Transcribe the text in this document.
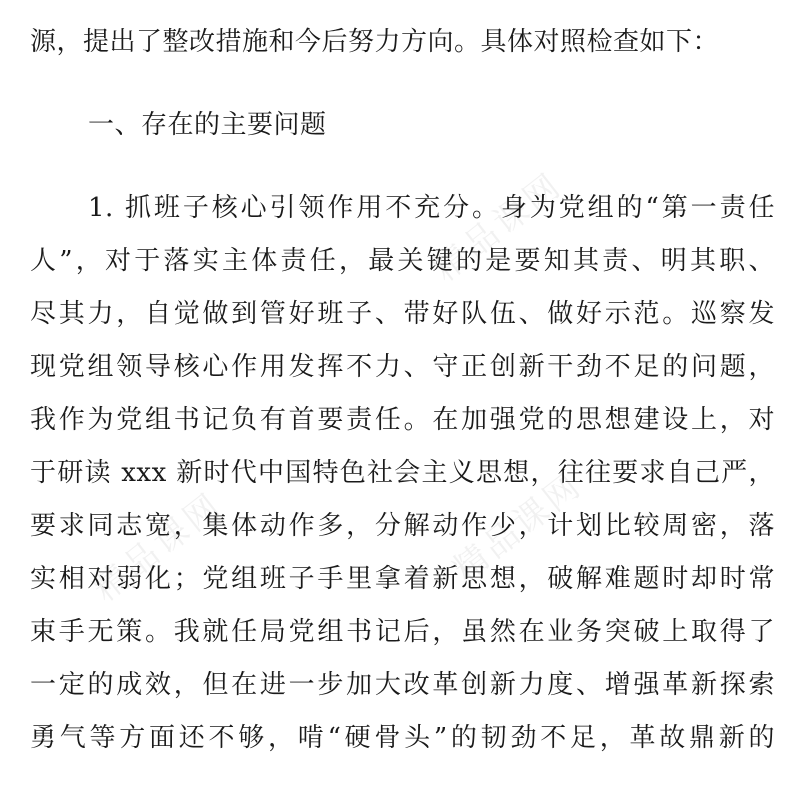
精品课网
精品课网	精品课网
源，提出了整改措施和今后努力方向。具体对照检查如下：
一、存在的主要问题
1. 抓班子核心引领作用不充分。身为党组的“第一责任
人”，对于落实主体责任，最关键的是要知其责、明其职、
尽其力，自觉做到管好班子、带好队伍、做好示范。巡察发
现党组领导核心作用发挥不力、守正创新干劲不足的问题，
我作为党组书记负有首要责任。在加强党的思想建设上，对
于研读 xxx 新时代中国特色社会主义思想，往往要求自己严，
要求同志宽，集体动作多，分解动作少，计划比较周密，落
实相对弱化；党组班子手里拿着新思想，破解难题时却时常
束手无策。我就任局党组书记后，虽然在业务突破上取得了
一定的成效，但在进一步加大改革创新力度、增强革新探索
勇气等方面还不够，啃“硬骨头”的韧劲不足，革故鼎新的
